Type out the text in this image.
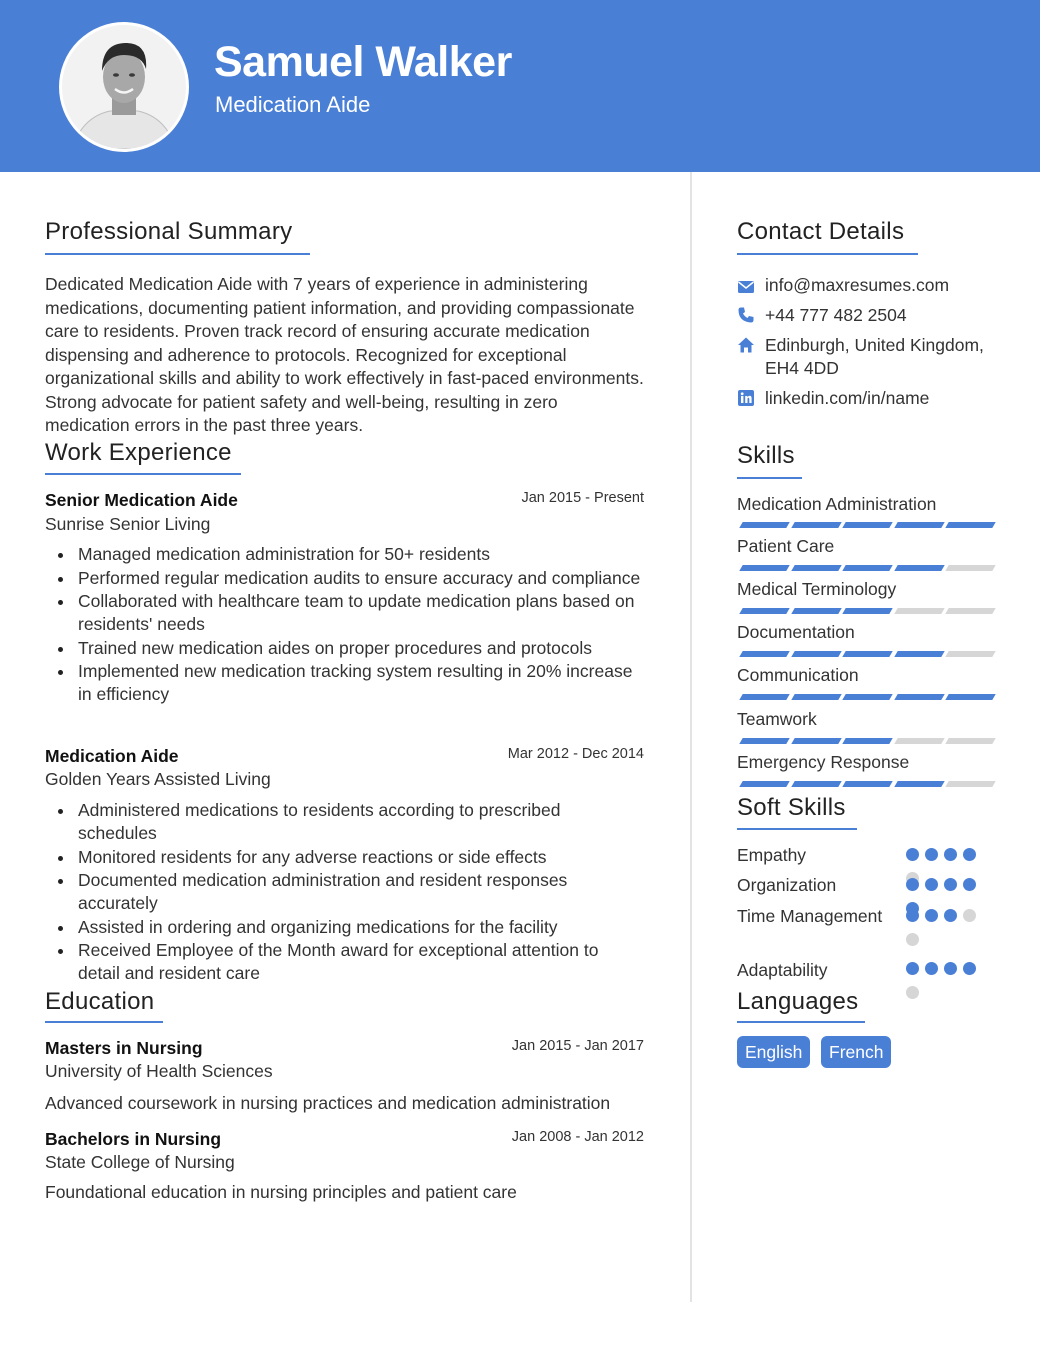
Samuel Walker
Medication Aide
Professional Summary
Dedicated Medication Aide with 7 years of experience in administering medications, documenting patient information, and providing compassionate care to residents. Proven track record of ensuring accurate medication dispensing and adherence to protocols. Recognized for exceptional organizational skills and ability to work effectively in fast-paced environments. Strong advocate for patient safety and well-being, resulting in zero medication errors in the past three years.
Work Experience
Senior Medication Aide	Jan 2015 - Present
Sunrise Senior Living
Managed medication administration for 50+ residents
Performed regular medication audits to ensure accuracy and compliance
Collaborated with healthcare team to update medication plans based on residents' needs
Trained new medication aides on proper procedures and protocols
Implemented new medication tracking system resulting in 20% increase in efficiency
Medication Aide	Mar 2012 - Dec 2014
Golden Years Assisted Living
Administered medications to residents according to prescribed schedules
Monitored residents for any adverse reactions or side effects
Documented medication administration and resident responses accurately
Assisted in ordering and organizing medications for the facility
Received Employee of the Month award for exceptional attention to detail and resident care
Education
Masters in Nursing	Jan 2015 - Jan 2017
University of Health Sciences
Advanced coursework in nursing practices and medication administration
Bachelors in Nursing	Jan 2008 - Jan 2012
State College of Nursing
Foundational education in nursing principles and patient care
Contact Details
info@maxresumes.com
+44 777 482 2504
Edinburgh, United Kingdom, EH4 4DD
linkedin.com/in/name
Skills
Medication Administration
Patient Care
Medical Terminology
Documentation
Communication
Teamwork
Emergency Response
Soft Skills
Empathy
Organization
Time Management
Adaptability
Languages
English	French
